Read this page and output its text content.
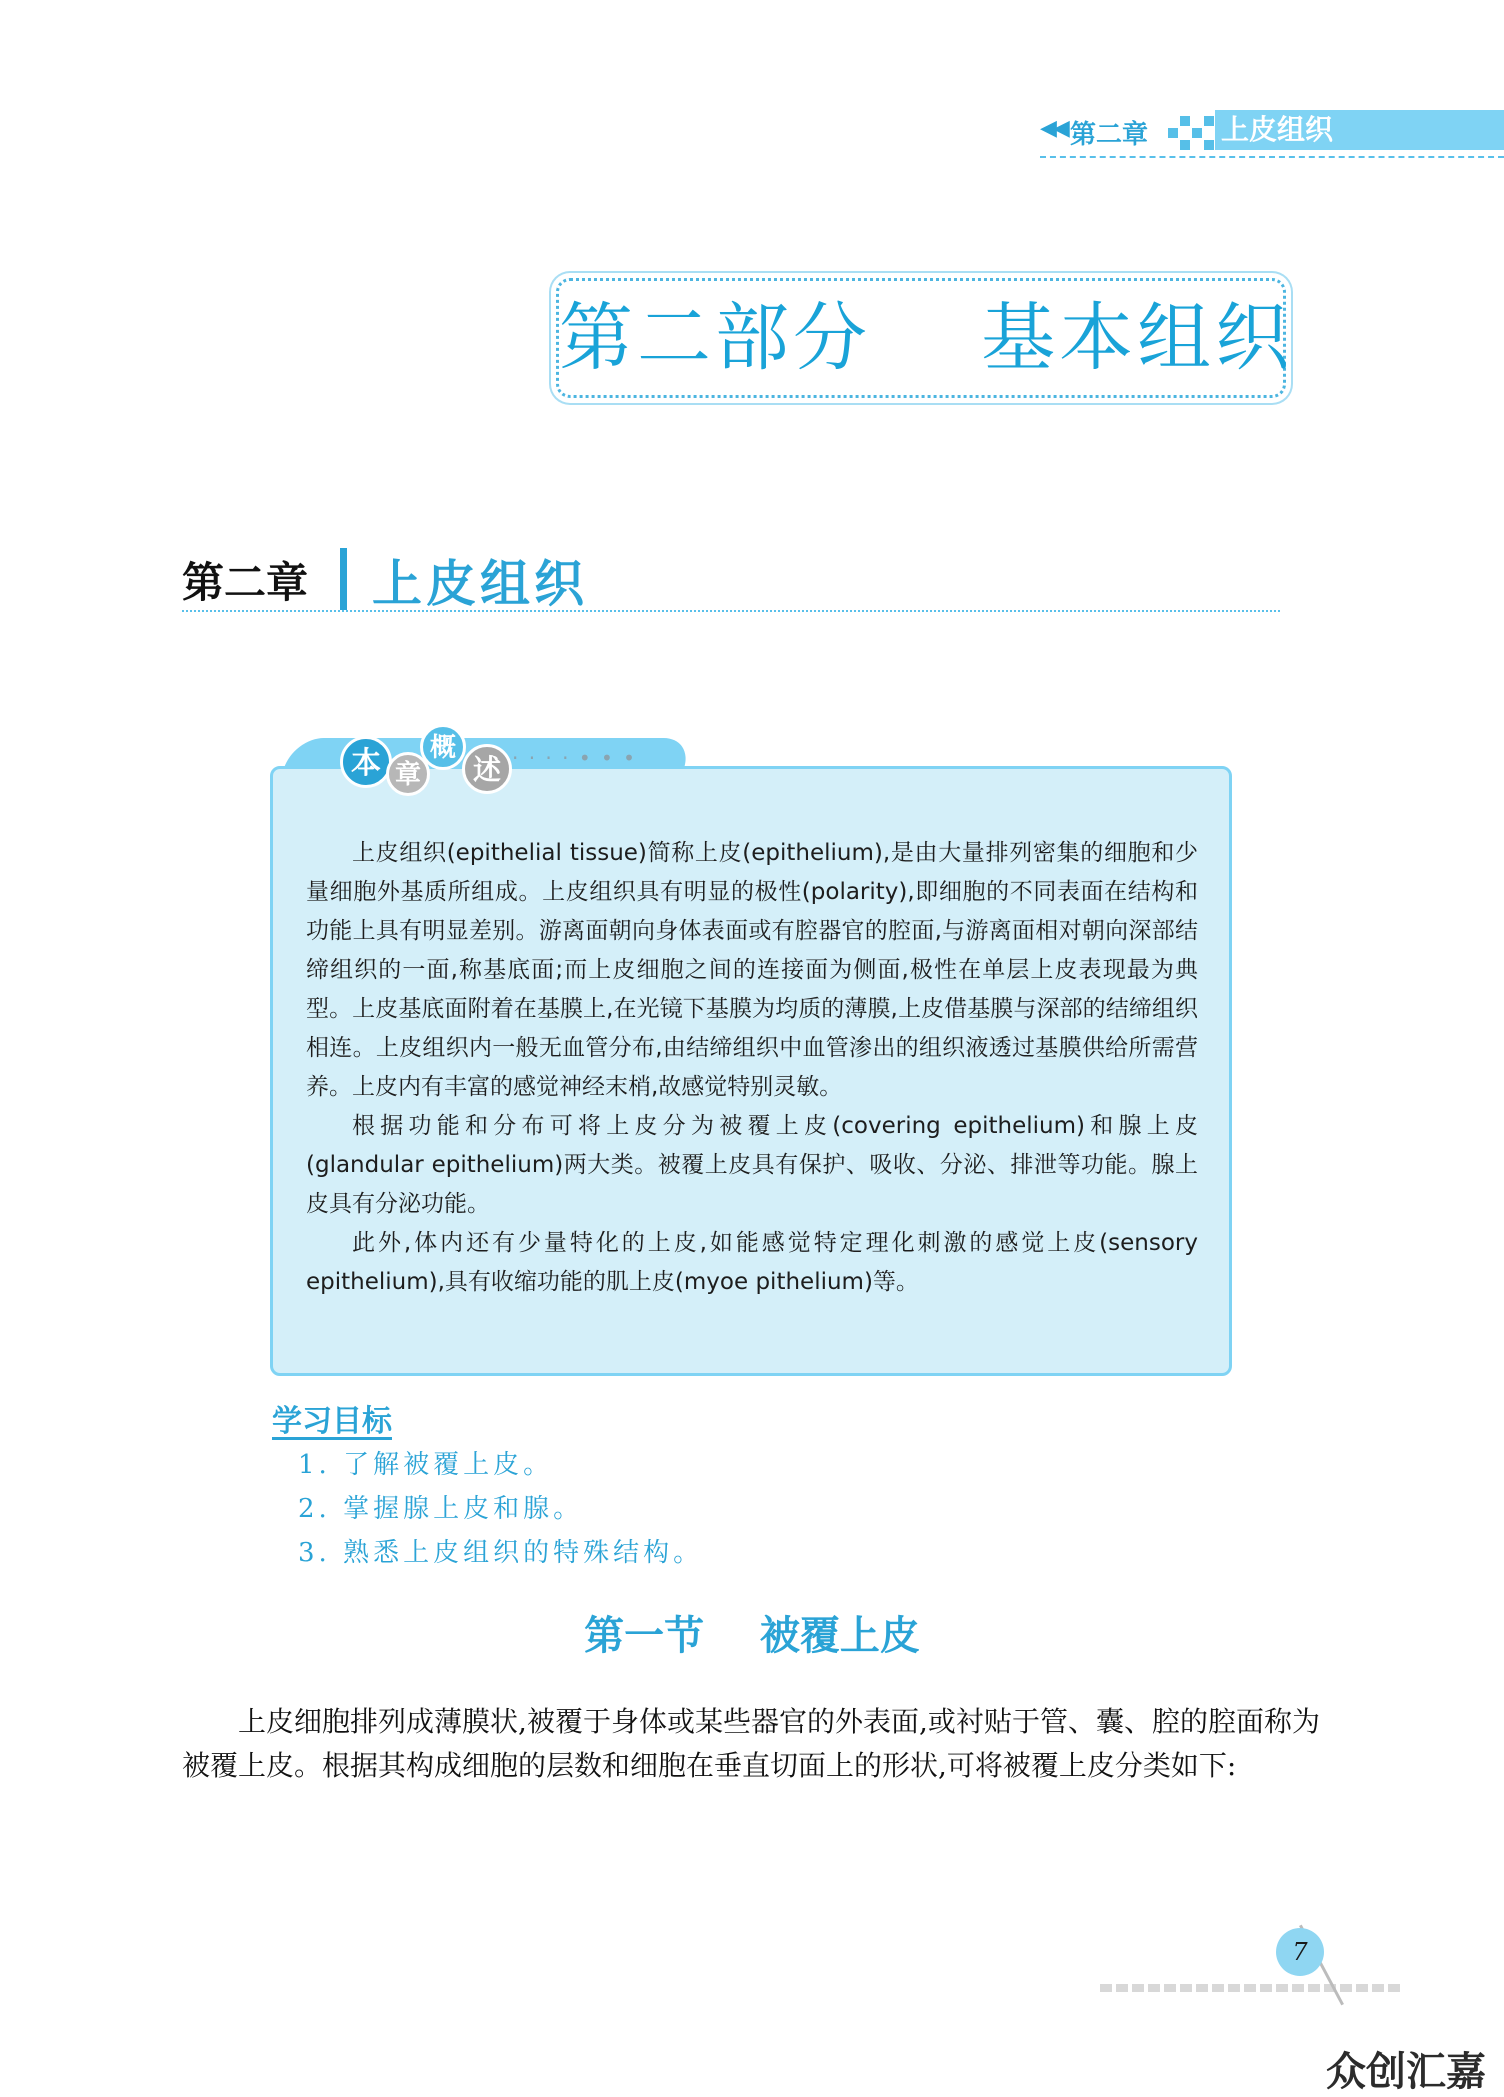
◀◀ 第二章	上皮组织
第二部分    基本组织
第二章 上皮组织
本 章
概
述 · · · · • • •

上皮组织(epithelial tissue)简称上皮(epithelium),是由大量排列密集的细胞和少量细胞外基质所组成。上皮组织具有明显的极性(polarity),即细胞的不同表面在结构和功能上具有明显差别。游离面朝向身体表面或有腔器官的腔面,与游离面相对朝向深部结缔组织的一面,称基底面;而上皮细胞之间的连接面为侧面,极性在单层上皮表现最为典型。上皮基底面附着在基膜上,在光镜下基膜为均质的薄膜,上皮借基膜与深部的结缔组织相连。上皮组织内一般无血管分布,由结缔组织中血管渗出的组织液透过基膜供给所需营养。上皮内有丰富的感觉神经末梢,故感觉特别灵敏。

根据功能和分布可将上皮分为被覆上皮(covering epithelium)和腺上皮(glandular epithelium)两大类。被覆上皮具有保护、吸收、分泌、排泄等功能。腺上皮具有分泌功能。

此外,体内还有少量特化的上皮,如能感觉特定理化刺激的感觉上皮(sensory epithelium),具有收缩功能的肌上皮(myoe pithelium)等。

学习目标
1. 了解被覆上皮。
2. 掌握腺上皮和腺。
3. 熟悉上皮组织的特殊结构。
第一节    被覆上皮

上皮细胞排列成薄膜状,被覆于身体或某些器官的外表面,或衬贴于管、囊、腔的腔面称为被覆上皮。根据其构成细胞的层数和细胞在垂直切面上的形状,可将被覆上皮分类如下:

7
众创汇嘉
